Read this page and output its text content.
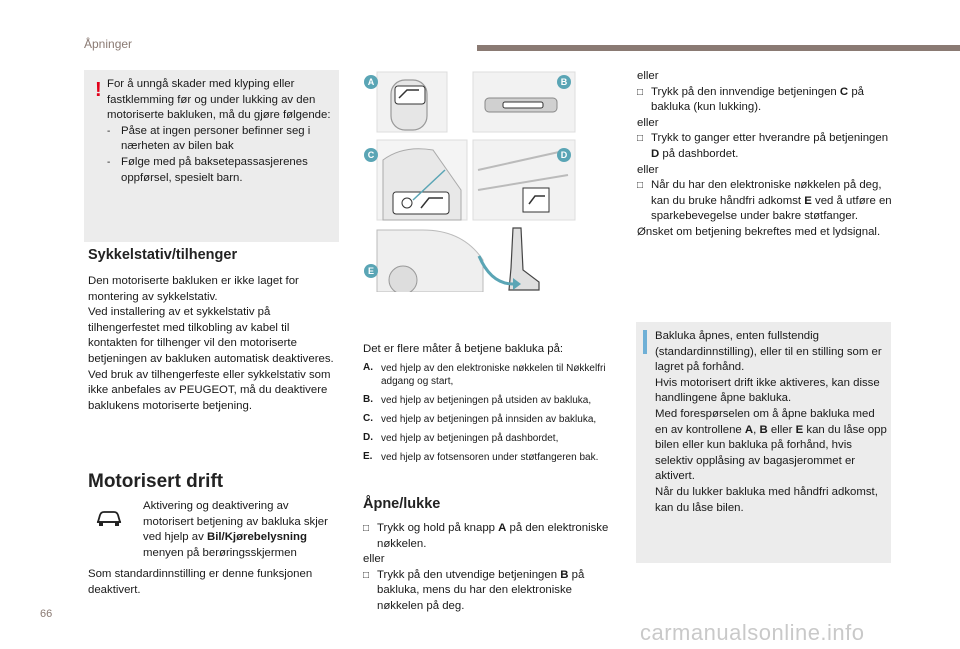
Åpninger
! For å unngå skader med klyping eller fastklemming før og under lukking av den motoriserte bakluken, må du gjøre følgende:

- Påse at ingen personer befinner seg i nærheten av bilen bak
- Følge med på baksetepassasjerenes oppførsel, spesielt barn.
Sykkelstativ/tilhenger

Den motoriserte bakluken er ikke laget for montering av sykkelstativ.

Ved installering av et sykkelstativ på tilhengerfestet med tilkobling av kabel til kontakten for tilhenger vil den motoriserte betjeningen av bakluken automatisk deaktiveres.

Ved bruk av tilhengerfeste eller sykkelstativ som ikke anbefales av PEUGEOT, må du deaktivere baklukens motoriserte betjening.

Motorisert drift
Aktivering og deaktivering av motorisert betjening av bakluka skjer ved hjelp av Bil/Kjørebelysning menyen på berøringsskjermen
Som standardinnstilling er denne funksjonen deaktivert.
A	B
C	D
E

Det er flere måter å betjene bakluka på:

A. ved hjelp av den elektroniske nøkkelen til Nøkkelfri adgang og start,
B. ved hjelp av betjeningen på utsiden av bakluka,
C. ved hjelp av betjeningen på innsiden av bakluka,
D. ved hjelp av betjeningen på dashbordet,
E. ved hjelp av fotsensoren under støtfangeren bak.
Åpne/lukke
□ Trykk og hold på knapp A på den elektroniske nøkkelen.

eller

□ Trykk på den utvendige betjeningen B på bakluka, mens du har den elektroniske nøkkelen på deg.

eller

□ Trykk på den innvendige betjeningen C på bakluka (kun lukking).

eller

□ Trykk to ganger etter hverandre på betjeningen D på dashbordet.

eller

□ Når du har den elektroniske nøkkelen på deg, kan du bruke håndfri adkomst E ved å utføre en sparkebevegelse under bakre støtfanger.

Ønsket om betjening bekreftes med et lydsignal.

Bakluka åpnes, enten fullstendig (standardinnstilling), eller til en stilling som er lagret på forhånd.

Hvis motorisert drift ikke aktiveres, kan disse handlingene åpne bakluka.

Med forespørselen om å åpne bakluka med en av kontrollene A, B eller E kan du låse opp bilen eller kun bakluka på forhånd, hvis selektiv opplåsing av bagasjerommet er aktivert.

Når du lukker bakluka med håndfri adkomst, kan du låse bilen.

66
carmanualsonline.info
